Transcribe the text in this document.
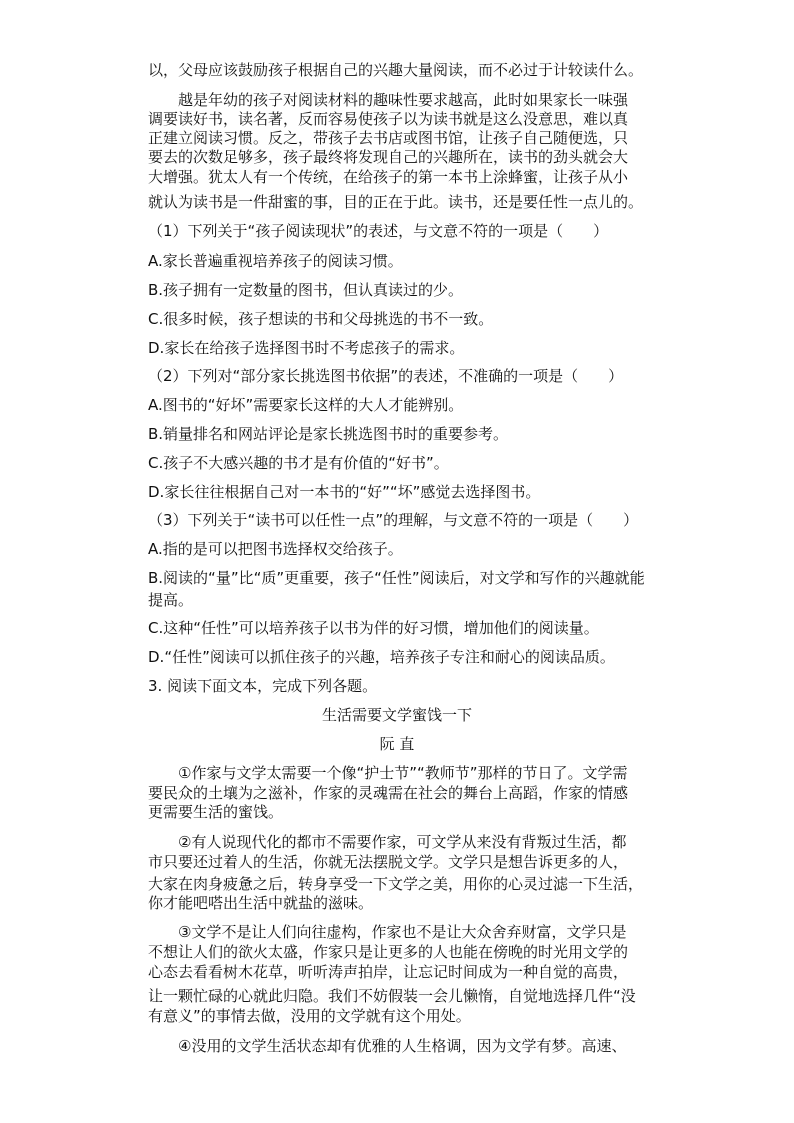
以，父母应该鼓励孩子根据自己的兴趣大量阅读，而不必过于计较读什么。
越是年幼的孩子对阅读材料的趣味性要求越高，此时如果家长一味强
调要读好书，读名著，反而容易使孩子以为读书就是这么没意思，难以真
正建立阅读习惯。反之，带孩子去书店或图书馆，让孩子自己随便选，只
要去的次数足够多，孩子最终将发现自己的兴趣所在，读书的劲头就会大
大增强。犹太人有一个传统，在给孩子的第一本书上涂蜂蜜，让孩子从小
就认为读书是一件甜蜜的事，目的正在于此。读书，还是要任性一点儿的。
（1）下列关于“孩子阅读现状”的表述，与文意不符的一项是（　　）
A.家长普遍重视培养孩子的阅读习惯。
B.孩子拥有一定数量的图书，但认真读过的少。
C.很多时候，孩子想读的书和父母挑选的书不一致。
D.家长在给孩子选择图书时不考虑孩子的需求。
（2）下列对“部分家长挑选图书依据”的表述，不准确的一项是（　　）
A.图书的“好坏”需要家长这样的大人才能辨别。
B.销量排名和网站评论是家长挑选图书时的重要参考。
C.孩子不大感兴趣的书才是有价值的“好书”。
D.家长往往根据自己对一本书的“好”“坏”感觉去选择图书。
（3）下列关于“读书可以任性一点”的理解，与文意不符的一项是（　　）
A.指的是可以把图书选择权交给孩子。
B.阅读的“量”比“质”更重要，孩子“任性”阅读后，对文学和写作的兴趣就能
提高。
C.这种“任性”可以培养孩子以书为伴的好习惯，增加他们的阅读量。
D.“任性”阅读可以抓住孩子的兴趣，培养孩子专注和耐心的阅读品质。
3. 阅读下面文本，完成下列各题。
生活需要文学蜜饯一下
阮 直
①作家与文学太需要一个像“护士节”“教师节”那样的节日了。文学需
要民众的土壤为之滋补，作家的灵魂需在社会的舞台上高蹈，作家的情感
更需要生活的蜜饯。
②有人说现代化的都市不需要作家，可文学从来没有背叛过生活，都
市只要还过着人的生活，你就无法摆脱文学。文学只是想告诉更多的人，
大家在肉身疲惫之后，转身享受一下文学之美，用你的心灵过滤一下生活，
你才能吧嗒出生活中就盐的滋味。
③文学不是让人们向往虚构，作家也不是让大众舍弃财富，文学只是
不想让人们的欲火太盛，作家只是让更多的人也能在傍晚的时光用文学的
心态去看看树木花草，听听涛声拍岸，让忘记时间成为一种自觉的高贵，
让一颗忙碌的心就此归隐。我们不妨假装一会儿懒惰，自觉地选择几件“没
有意义”的事情去做，没用的文学就有这个用处。
④没用的文学生活状态却有优雅的人生格调，因为文学有梦。高速、
